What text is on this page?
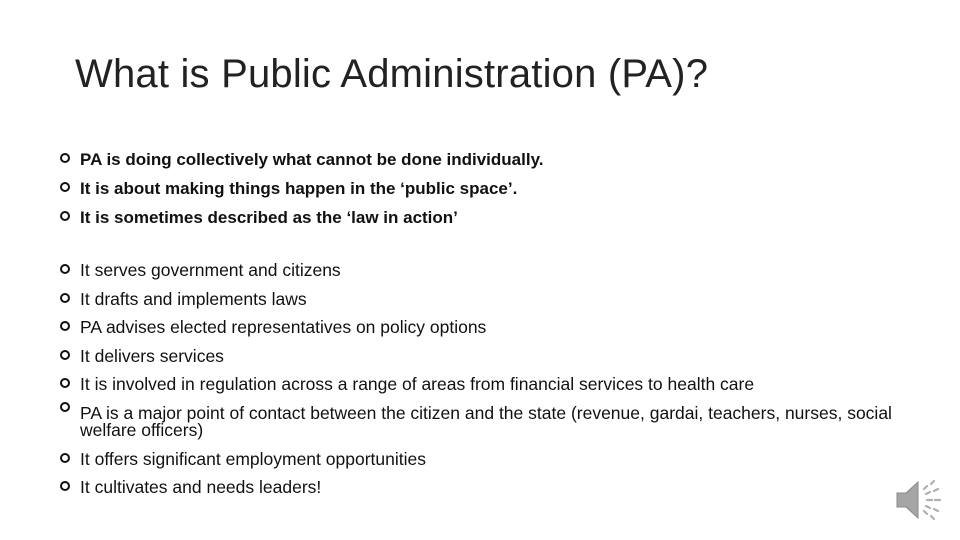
What is Public Administration (PA)?
PA is doing collectively what cannot be done individually.
It is about making things happen in the ‘public space’.
It is sometimes described as the ‘law in action’
It serves government and citizens
It drafts and implements laws
PA advises elected representatives on policy options
It delivers services
It is involved in regulation across a range of areas from financial services to health care
PA is a major point of contact between the citizen and the state (revenue, gardai, teachers, nurses, social welfare officers)
It offers significant employment opportunities
It cultivates and needs leaders!
